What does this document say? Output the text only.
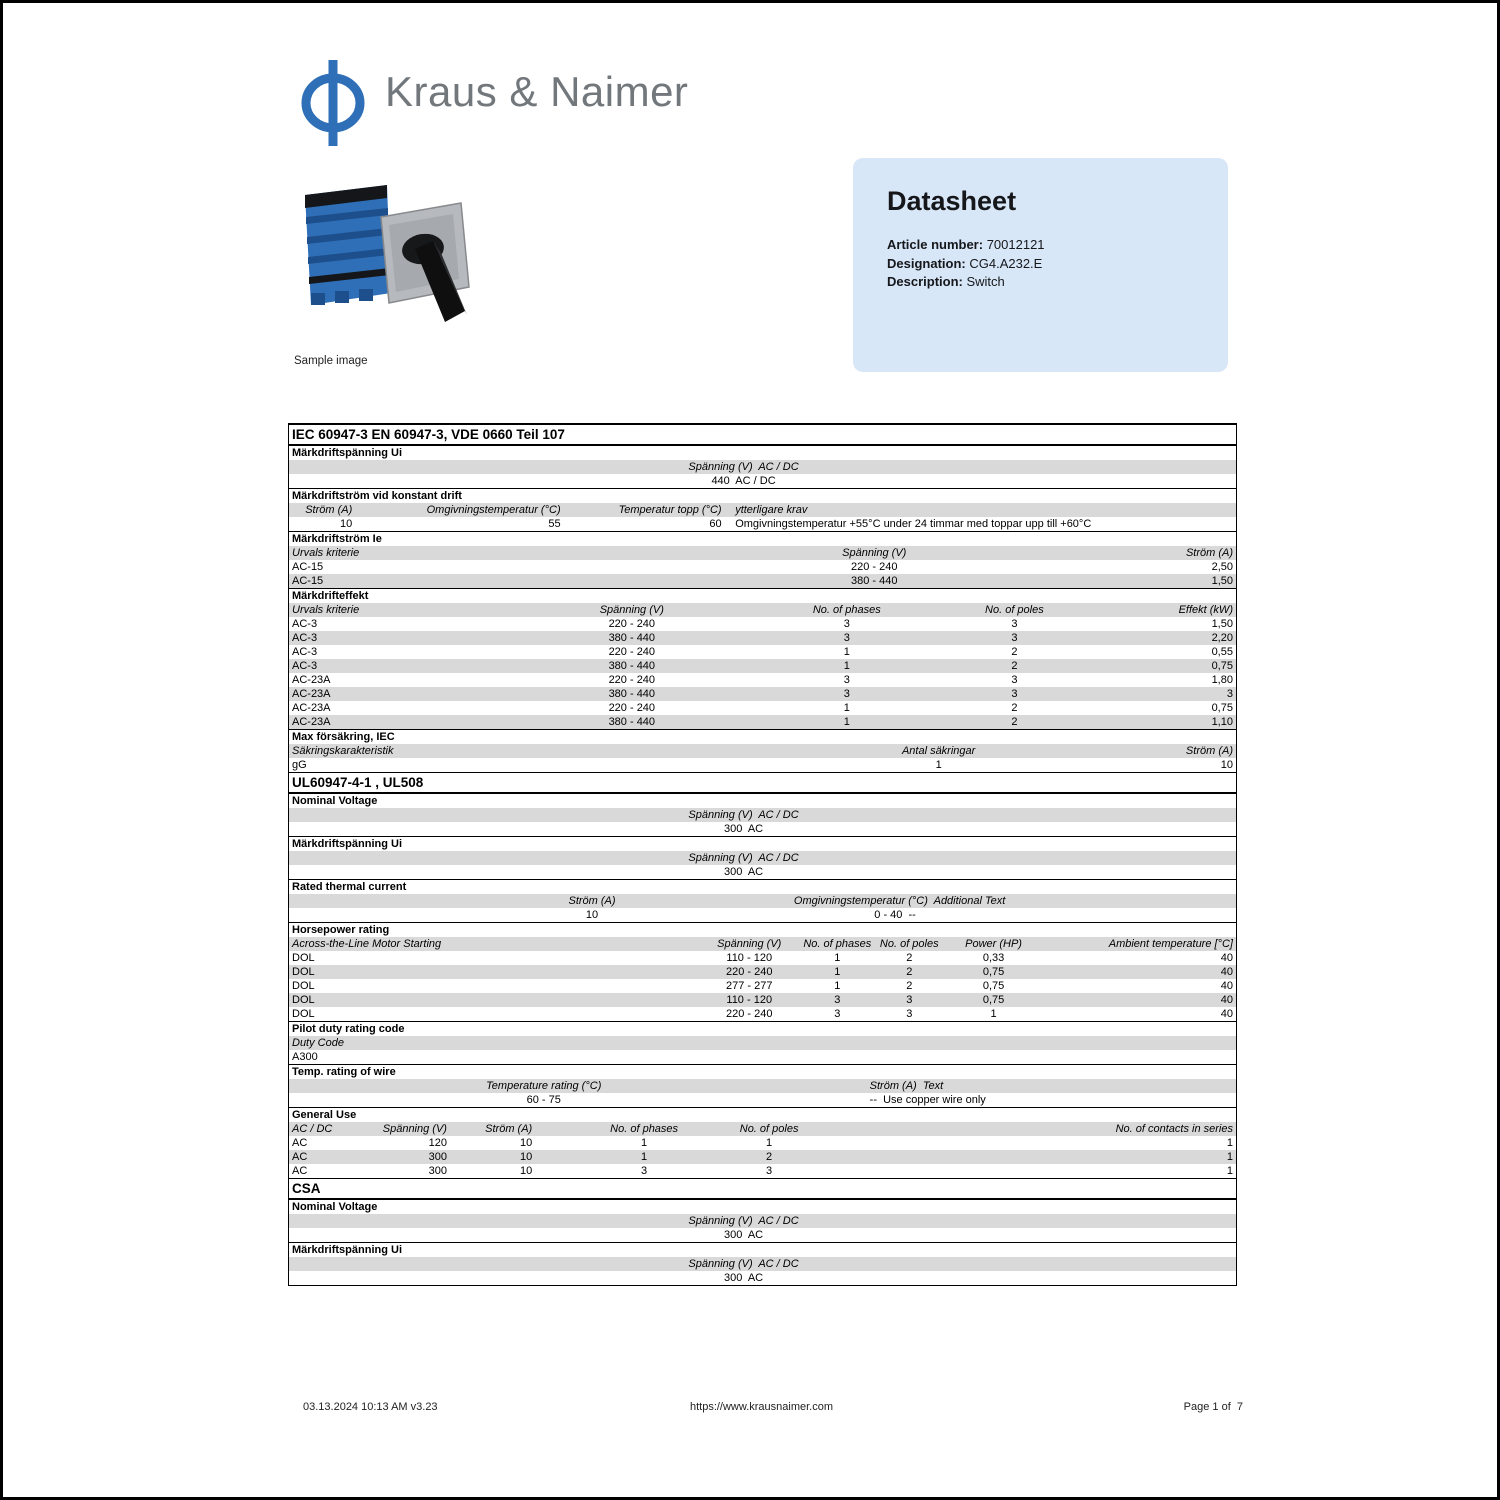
Kraus & Naimer
Sample image
Datasheet
Article number: 70012121
Designation: CG4.A232.E
Description: Switch
IEC 60947-3 EN 60947-3, VDE 0660 Teil 107
Märkdriftspänning Ui
Spänning (V)  AC / DC
440  AC / DC
Märkdriftström vid konstant drift
Ström (A)	Omgivningstemperatur (°C)	Temperatur topp (°C) ytterligare krav
10	55	60 Omgivningstemperatur +55°C under 24 timmar med toppar upp till +60°C
Märkdriftström Ie
Urvals kriterie	Spänning (V)	Ström (A)
AC-15	220 - 240	2,50
AC-15	380 - 440	1,50
Märkdrifteffekt
Urvals kriterie	Spänning (V)	No. of phases	No. of poles	Effekt (kW)
AC-3	220 - 240	3	3	1,50
AC-3	380 - 440	3	3	2,20
AC-3	220 - 240	1	2	0,55
AC-3	380 - 440	1	2	0,75
AC-23A	220 - 240	3	3	1,80
AC-23A	380 - 440	3	3	3
AC-23A	220 - 240	1	2	0,75
AC-23A	380 - 440	1	2	1,10
Max försäkring, IEC
Säkringskarakteristik	Antal säkringar	Ström (A)
gG	1	10
UL60947-4-1 , UL508
Nominal Voltage
Spänning (V)  AC / DC
300  AC
Märkdriftspänning Ui
Spänning (V)  AC / DC
300  AC
Rated thermal current
Ström (A)	Omgivningstemperatur (°C)  Additional Text
10	0 - 40  --
Horsepower rating
Across-the-Line Motor Starting	Spänning (V)	No. of phases No. of poles	Power (HP)	Ambient temperature [°C]
DOL	110 - 120	1	2	0,33	40
DOL	220 - 240	1	2	0,75	40
DOL	277 - 277	1	2	0,75	40
DOL	110 - 120	3	3	0,75	40
DOL	220 - 240	3	3	1	40
Pilot duty rating code
Duty Code
A300
Temp. rating of wire
Temperature rating (°C)	Ström (A)  Text
60 - 75	--  Use copper wire only
General Use
AC / DC	Spänning (V)	Ström (A)	No. of phases	No. of poles	No. of contacts in series
AC	120	10	1	1	1
AC	300	10	1	2	1
AC	300	10	3	3	1
CSA
Nominal Voltage
Spänning (V)  AC / DC
300  AC
Märkdriftspänning Ui
Spänning (V)  AC / DC
300  AC
03.13.2024 10:13 AM v3.23	https://www.krausnaimer.com	Page 1 of  7
